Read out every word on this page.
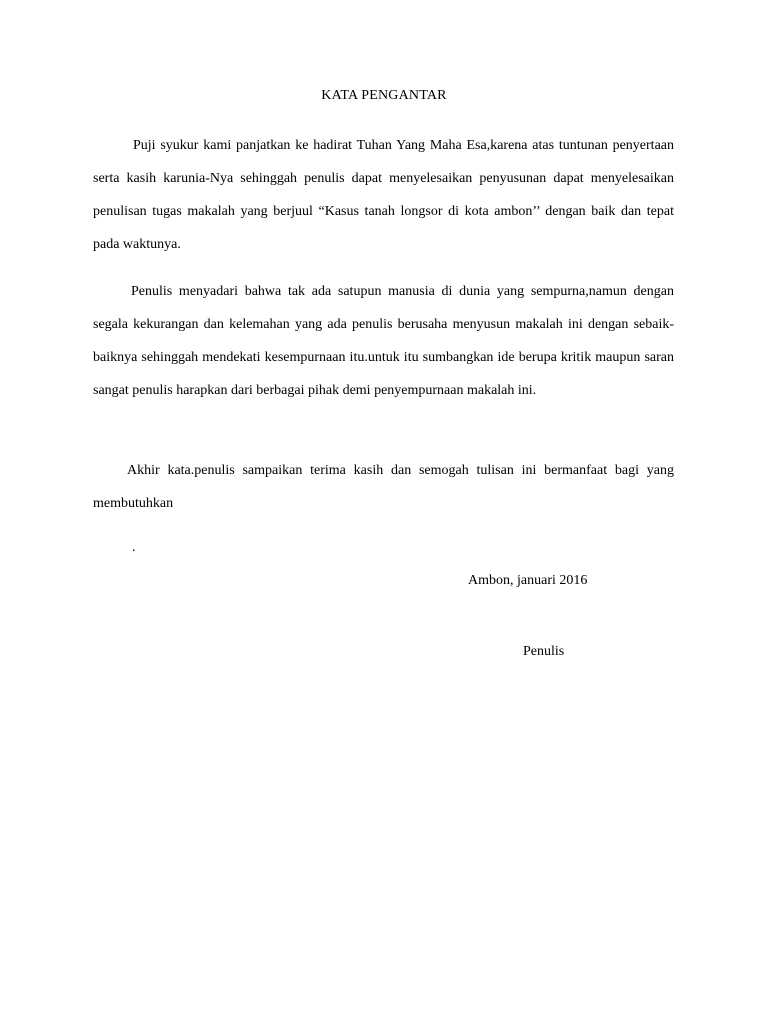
KATA PENGANTAR

Puji syukur kami panjatkan ke hadirat Tuhan Yang Maha Esa,karena atas tuntunan penyertaan serta kasih karunia-Nya sehinggah penulis dapat menyelesaikan penyusunan dapat menyelesaikan penulisan tugas makalah yang berjuul “Kasus tanah longsor di kota ambon’’ dengan baik dan tepat pada waktunya.

Penulis menyadari bahwa tak ada satupun manusia di dunia yang sempurna,namun dengan segala kekurangan dan kelemahan yang ada penulis berusaha menyusun makalah ini dengan sebaik-baiknya sehinggah mendekati kesempurnaan itu.untuk itu sumbangkan ide berupa kritik maupun saran sangat penulis harapkan dari berbagai pihak demi penyempurnaan makalah ini.

Akhir kata.penulis sampaikan terima kasih dan semogah tulisan ini bermanfaat bagi yang membutuhkan

.
Ambon, januari 2016
Penulis
